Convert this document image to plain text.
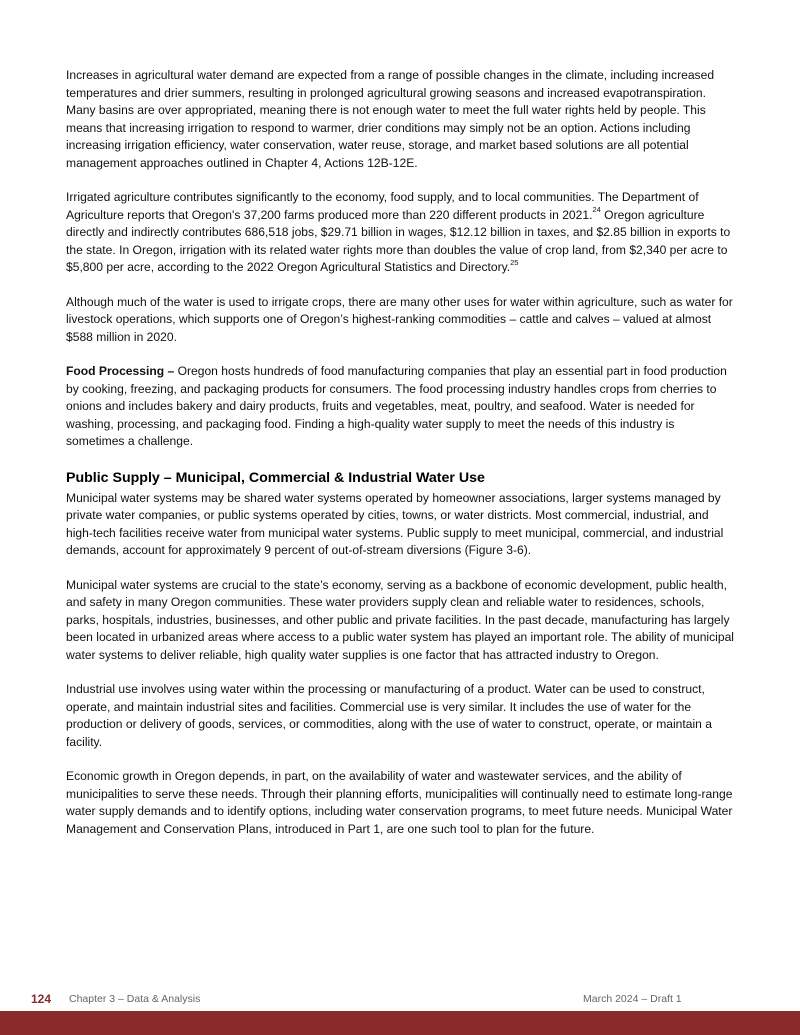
Increases in agricultural water demand are expected from a range of possible changes in the climate, including increased temperatures and drier summers, resulting in prolonged agricultural growing seasons and increased evapotranspiration. Many basins are over appropriated, meaning there is not enough water to meet the full water rights held by people. This means that increasing irrigation to respond to warmer, drier conditions may simply not be an option. Actions including increasing irrigation efficiency, water conservation, water reuse, storage, and market based solutions are all potential management approaches outlined in Chapter 4, Actions 12B-12E.

Irrigated agriculture contributes significantly to the economy, food supply, and to local communities. The Department of Agriculture reports that Oregon's 37,200 farms produced more than 220 different products in 2021.24 Oregon agriculture directly and indirectly contributes 686,518 jobs, $29.71 billion in wages, $12.12 billion in taxes, and $2.85 billion in exports to the state. In Oregon, irrigation with its related water rights more than doubles the value of crop land, from $2,340 per acre to $5,800 per acre, according to the 2022 Oregon Agricultural Statistics and Directory.$^{25}$

Although much of the water is used to irrigate crops, there are many other uses for water within agriculture, such as water for livestock operations, which supports one of Oregon’s highest-ranking commodities – cattle and calves – valued at almost $588 million in 2020.

Food Processing – Oregon hosts hundreds of food manufacturing companies that play an essential part in food production by cooking, freezing, and packaging products for consumers. The food processing industry handles crops from cherries to onions and includes bakery and dairy products, fruits and vegetables, meat, poultry, and seafood. Water is needed for washing, processing, and packaging food. Finding a high-quality water supply to meet the needs of this industry is sometimes a challenge.

Public Supply – Municipal, Commercial & Industrial Water Use

Municipal water systems may be shared water systems operated by homeowner associations, larger systems managed by private water companies, or public systems operated by cities, towns, or water districts. Most commercial, industrial, and high-tech facilities receive water from municipal water systems. Public supply to meet municipal, commercial, and industrial demands, account for approximately 9 percent of out-of-stream diversions (Figure 3-6).

Municipal water systems are crucial to the state’s economy, serving as a backbone of economic development, public health, and safety in many Oregon communities. These water providers supply clean and reliable water to residences, schools, parks, hospitals, industries, businesses, and other public and private facilities. In the past decade, manufacturing has largely been located in urbanized areas where access to a public water system has played an important role. The ability of municipal water systems to deliver reliable, high quality water supplies is one factor that has attracted industry to Oregon.

Industrial use involves using water within the processing or manufacturing of a product. Water can be used to construct, operate, and maintain industrial sites and facilities. Commercial use is very similar. It includes the use of water for the production or delivery of goods, services, or commodities, along with the use of water to construct, operate, or maintain a facility.

Economic growth in Oregon depends, in part, on the availability of water and wastewater services, and the ability of municipalities to serve these needs. Through their planning efforts, municipalities will continually need to estimate long-range water supply demands and to identify options, including water conservation programs, to meet future needs. Municipal Water Management and Conservation Plans, introduced in Part 1, are one such tool to plan for the future.

124 Chapter 3 – Data & Analysis	March 2024 – Draft 1
